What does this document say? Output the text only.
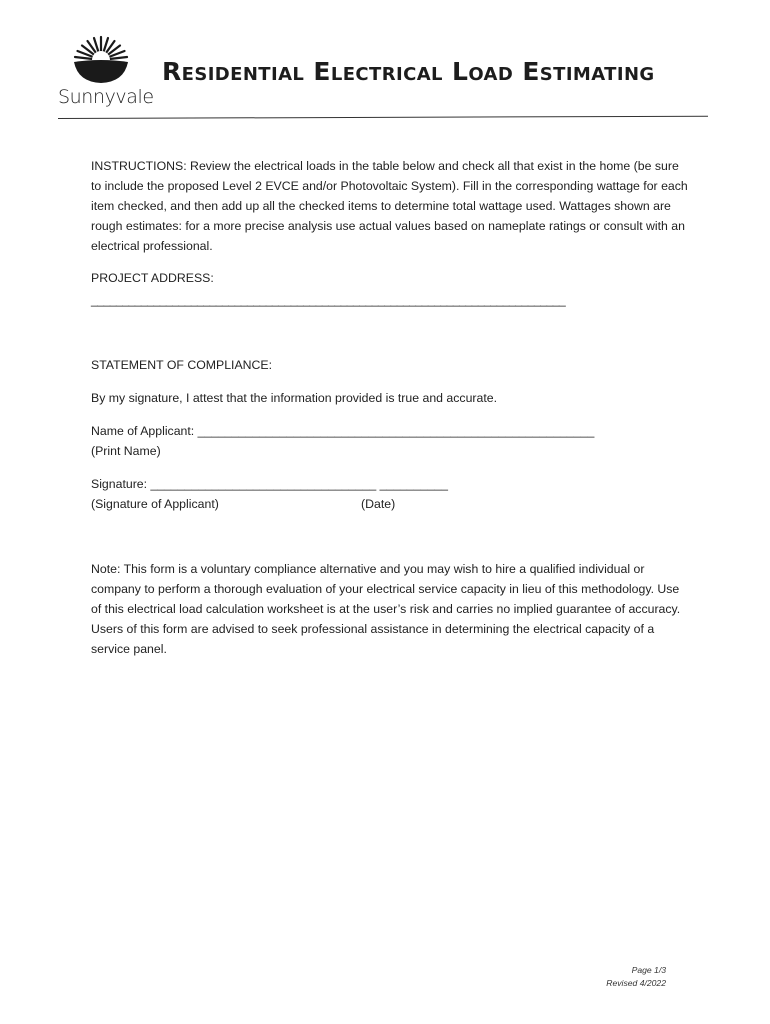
Sunnyvale
Residential Electrical Load Estimating
INSTRUCTIONS: Review the electrical loads in the table below and check all that exist in the home (be sure to include the proposed Level 2 EVCE and/or Photovoltaic System). Fill in the corresponding wattage for each item checked, and then add up all the checked items to determine total wattage used. Wattages shown are rough estimates: for a more precise analysis use actual values based on nameplate ratings or consult with an electrical professional.
PROJECT ADDRESS:
____________________________________________________________________________
STATEMENT OF COMPLIANCE:
By my signature, I attest that the information provided is true and accurate.
Name of Applicant: __________________________________________________________
(Print Name)
Signature: _________________________________ __________
(Signature of Applicant)	(Date)
Note: This form is a voluntary compliance alternative and you may wish to hire a qualified individual or company to perform a thorough evaluation of your electrical service capacity in lieu of this methodology. Use of this electrical load calculation worksheet is at the user’s risk and carries no implied guarantee of accuracy. Users of this form are advised to seek professional assistance in determining the electrical capacity of a service panel.
Page 1/3
Revised 4/2022
